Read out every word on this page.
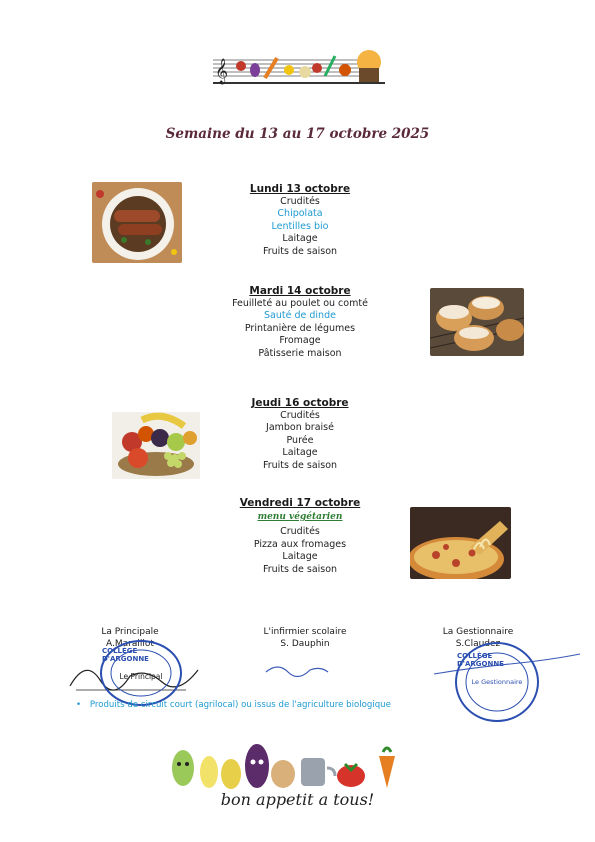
𝄞
Semaine du 13 au 17 octobre 2025
Lundi 13 octobre
Crudités
Chipolata
Lentilles bio
Laitage
Fruits de saison
Mardi 14 octobre
Feuilleté au poulet ou comté
Sauté de dinde
Printanière de légumes
Fromage
Pâtisserie maison
Jeudi 16 octobre
Crudités
Jambon braisé
Purée
Laitage
Fruits de saison
Vendredi 17 octobre
menu végétarien
Crudités
Pizza aux fromages
Laitage
Fruits de saison
La Principale
A.Maraillot
L'infirmier scolaire
S. Dauphin
La Gestionnaire
S.Claudez
COLLÈGE D'ARGONNE
Le Principal
COLLÈGE D'ARGONNE
Le Gestionnaire
• Produits de circuit court (agrilocal) ou issus de l'agriculture biologique
bon appetit a tous!
